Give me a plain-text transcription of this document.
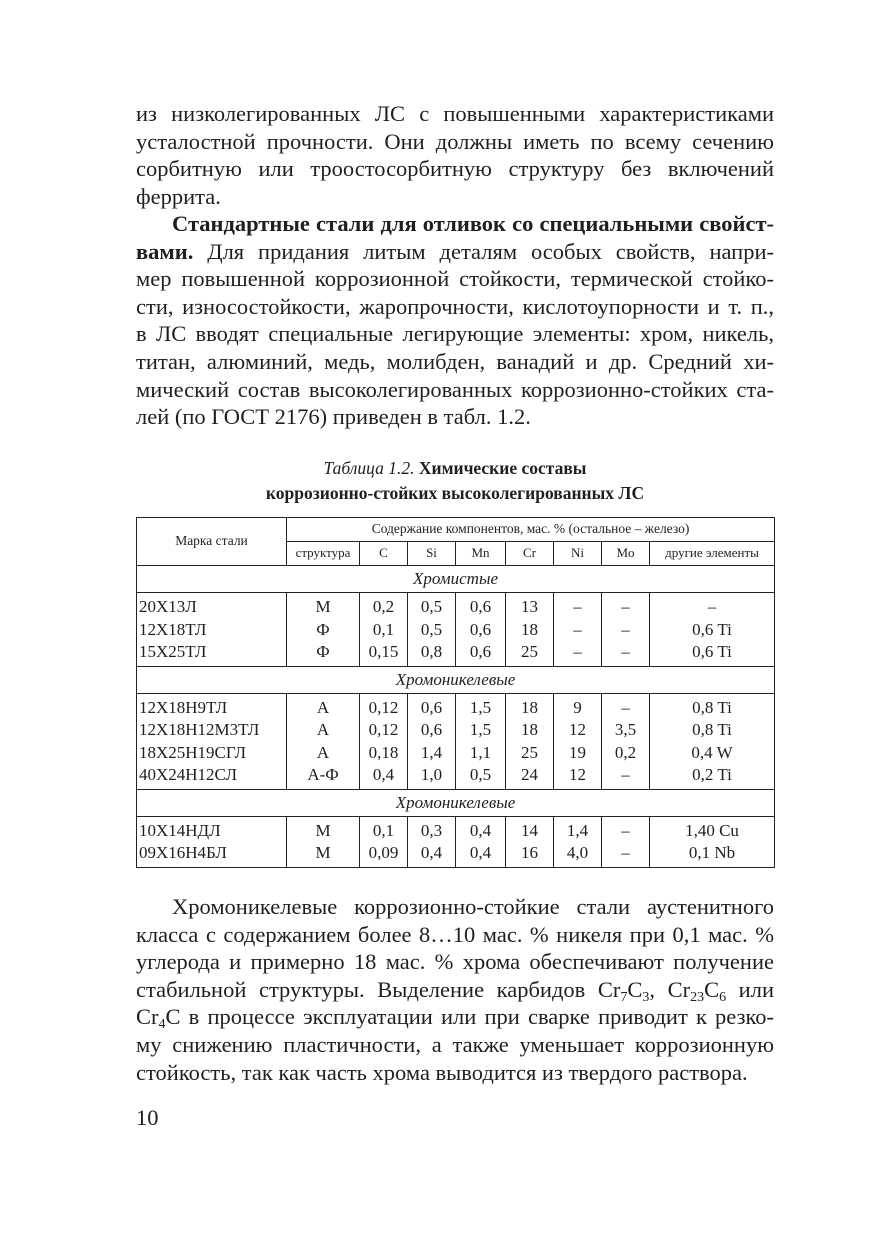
из низколегированных ЛС с повышенными характеристиками
усталостной прочности. Они должны иметь по всему сечению
сорбитную или троостосорбитную структуру без включений
феррита.
Стандартные стали для отливок со специальными свойст-
вами. Для придания литым деталям особых свойств, напри-
мер повышенной коррозионной стойкости, термической стойко-
сти, износостойкости, жаропрочности, кислотоупорности и т. п.,
в ЛС вводят специальные легирующие элементы: хром, никель,
титан, алюминий, медь, молибден, ванадий и др. Средний хи-
мический состав высоколегированных коррозионно-стойких ста-
лей (по ГОСТ 2176) приведен в табл. 1.2.
Таблица 1.2. Химические составы
коррозионно-стойких высоколегированных ЛС
Марка стали	Содержание компонентов, мас. % (остальное – железо)							
	структура	C	Si	Mn	Cr	Ni	Mo	другие элементы
Хромистые								
20Х13Л	М	0,2	0,5	0,6	13	–	–	–
12Х18ТЛ	Ф	0,1	0,5	0,6	18	–	–	0,6 Ti
15Х25ТЛ	Ф	0,15	0,8	0,6	25	–	–	0,6 Ti
Хромоникелевые								
12Х18Н9ТЛ	А	0,12	0,6	1,5	18	9	–	0,8 Ti
12Х18Н12М3ТЛ	А	0,12	0,6	1,5	18	12	3,5	0,8 Ti
18Х25Н19СГЛ	А	0,18	1,4	1,1	25	19	0,2	0,4 W
40Х24Н12СЛ	А-Ф	0,4	1,0	0,5	24	12	–	0,2 Ti
Хромоникелевые								
10Х14НДЛ	М	0,1	0,3	0,4	14	1,4	–	1,40 Cu
09Х16Н4БЛ	М	0,09	0,4	0,4	16	4,0	–	0,1 Nb
Хромоникелевые коррозионно-стойкие стали аустенитного
класса с содержанием более 8…10 мас. % никеля при 0,1 мас. %
углерода и примерно 18 мас. % хрома обеспечивают получение
стабильной структуры. Выделение карбидов $Cr_7C_3$, $Cr_{23}C_6$ или
$Cr_4C$ в процессе эксплуатации или при сварке приводит к резко-
му снижению пластичности, а также уменьшает коррозионную
стойкость, так как часть хрома выводится из твердого раствора.
10
